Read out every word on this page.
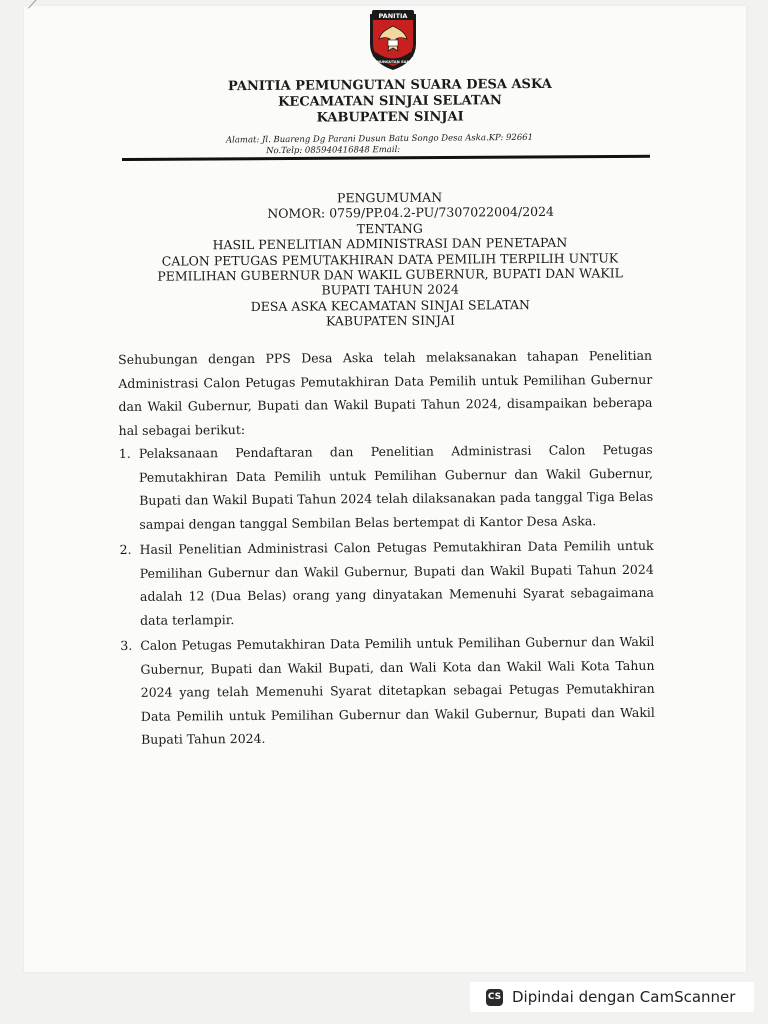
PANITIA
PEMUNGUTAN SUARA
PANITIA PEMUNGUTAN SUARA DESA ASKA
KECAMATAN SINJAI SELATAN
KABUPATEN SINJAI
Alamat: Jl. Buareng Dg Parani Dusun Batu Songo Desa Aska.KP: 92661
No.Telp: 085940416848 Email:
PENGUMUMAN
NOMOR: 0759/PP.04.2-PU/7307022004/2024
TENTANG
HASIL PENELITIAN ADMINISTRASI DAN PENETAPAN
CALON PETUGAS PEMUTAKHIRAN DATA PEMILIH TERPILIH UNTUK
PEMILIHAN GUBERNUR DAN WAKIL GUBERNUR, BUPATI DAN WAKIL
BUPATI TAHUN 2024
DESA ASKA KECAMATAN SINJAI SELATAN
KABUPATEN SINJAI

Sehubungan dengan PPS Desa Aska telah melaksanakan tahapan Penelitian Administrasi Calon Petugas Pemutakhiran Data Pemilih untuk Pemilihan Gubernur dan Wakil Gubernur, Bupati dan Wakil Bupati Tahun 2024, disampaikan beberapa hal sebagai berikut:

1. Pelaksanaan Pendaftaran dan Penelitian Administrasi Calon Petugas Pemutakhiran Data Pemilih untuk Pemilihan Gubernur dan Wakil Gubernur, Bupati dan Wakil Bupati Tahun 2024 telah dilaksanakan pada tanggal Tiga Belas sampai dengan tanggal Sembilan Belas bertempat di Kantor Desa Aska.
2. Hasil Penelitian Administrasi Calon Petugas Pemutakhiran Data Pemilih untuk Pemilihan Gubernur dan Wakil Gubernur, Bupati dan Wakil Bupati Tahun 2024 adalah 12 (Dua Belas) orang yang dinyatakan Memenuhi Syarat sebagaimana data terlampir.
3. Calon Petugas Pemutakhiran Data Pemilih untuk Pemilihan Gubernur dan Wakil Gubernur, Bupati dan Wakil Bupati, dan Wali Kota dan Wakil Wali Kota Tahun 2024 yang telah Memenuhi Syarat ditetapkan sebagai Petugas Pemutakhiran Data Pemilih untuk Pemilihan Gubernur dan Wakil Gubernur, Bupati dan Wakil Bupati Tahun 2024.
CS Dipindai dengan CamScanner
